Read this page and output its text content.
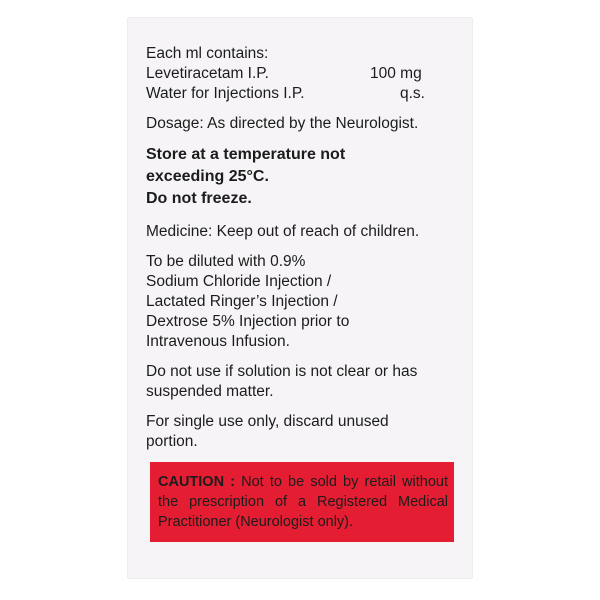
Each ml contains:
Levetiracetam I.P.	100 mg
Water for Injections I.P.	q.s.
Dosage: As directed by the Neurologist.
Store at a temperature not
exceeding 25°C.
Do not freeze.
Medicine: Keep out of reach of children.
To be diluted with 0.9%
Sodium Chloride Injection /
Lactated Ringer’s Injection /
Dextrose 5% Injection prior to
Intravenous Infusion.
Do not use if solution is not clear or has
suspended matter.
For single use only, discard unused
portion.
CAUTION : Not to be sold by retail without the prescription of a Registered Medical Practitioner (Neurologist only).
